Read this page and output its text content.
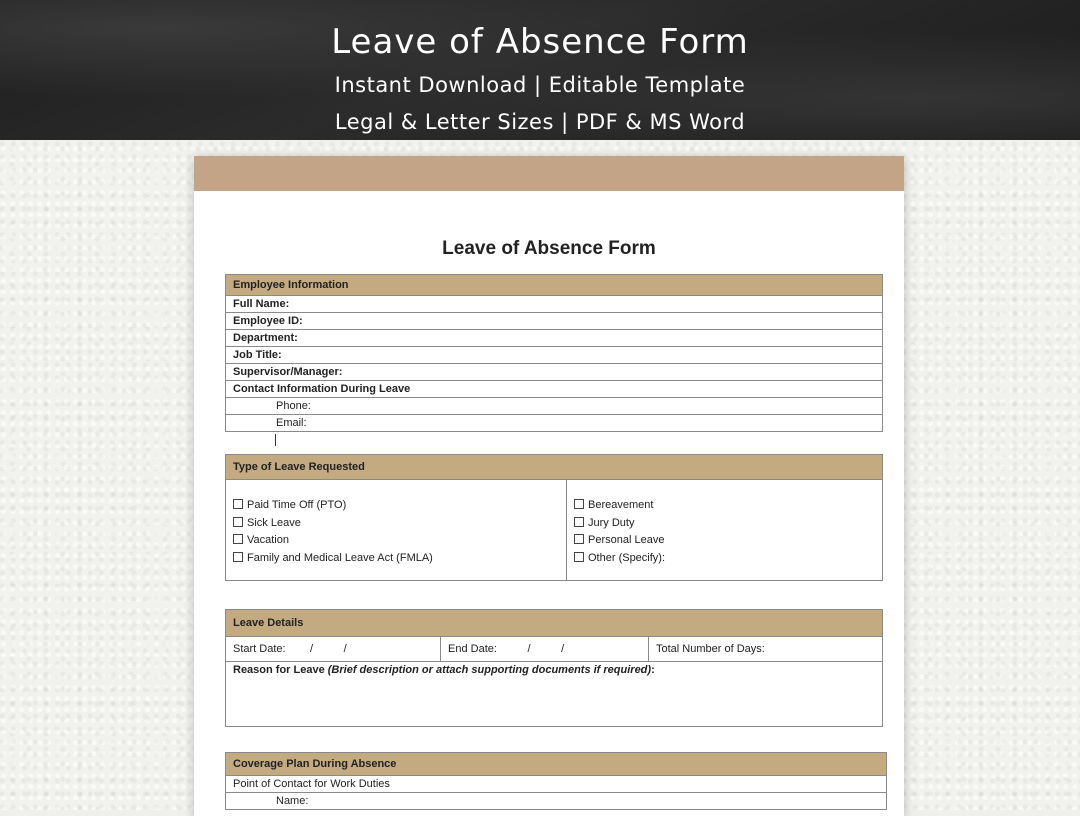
Leave of Absence Form
Instant Download | Editable Template
Legal & Letter Sizes | PDF & MS Word
Leave of Absence Form
Employee Information
Full Name:
Employee ID:
Department:
Job Title:
Supervisor/Manager:
Contact Information During Leave
Phone:
Email:
Type of Leave Requested
Paid Time Off (PTO)
Sick Leave
Vacation
Family and Medical Leave Act (FMLA)
Bereavement
Jury Duty
Personal Leave
Other (Specify):
Leave Details
Start Date:        /          /	End Date:          /          /	Total Number of Days:
Reason for Leave (Brief description or attach supporting documents if required):
Coverage Plan During Absence
Point of Contact for Work Duties
Name:
